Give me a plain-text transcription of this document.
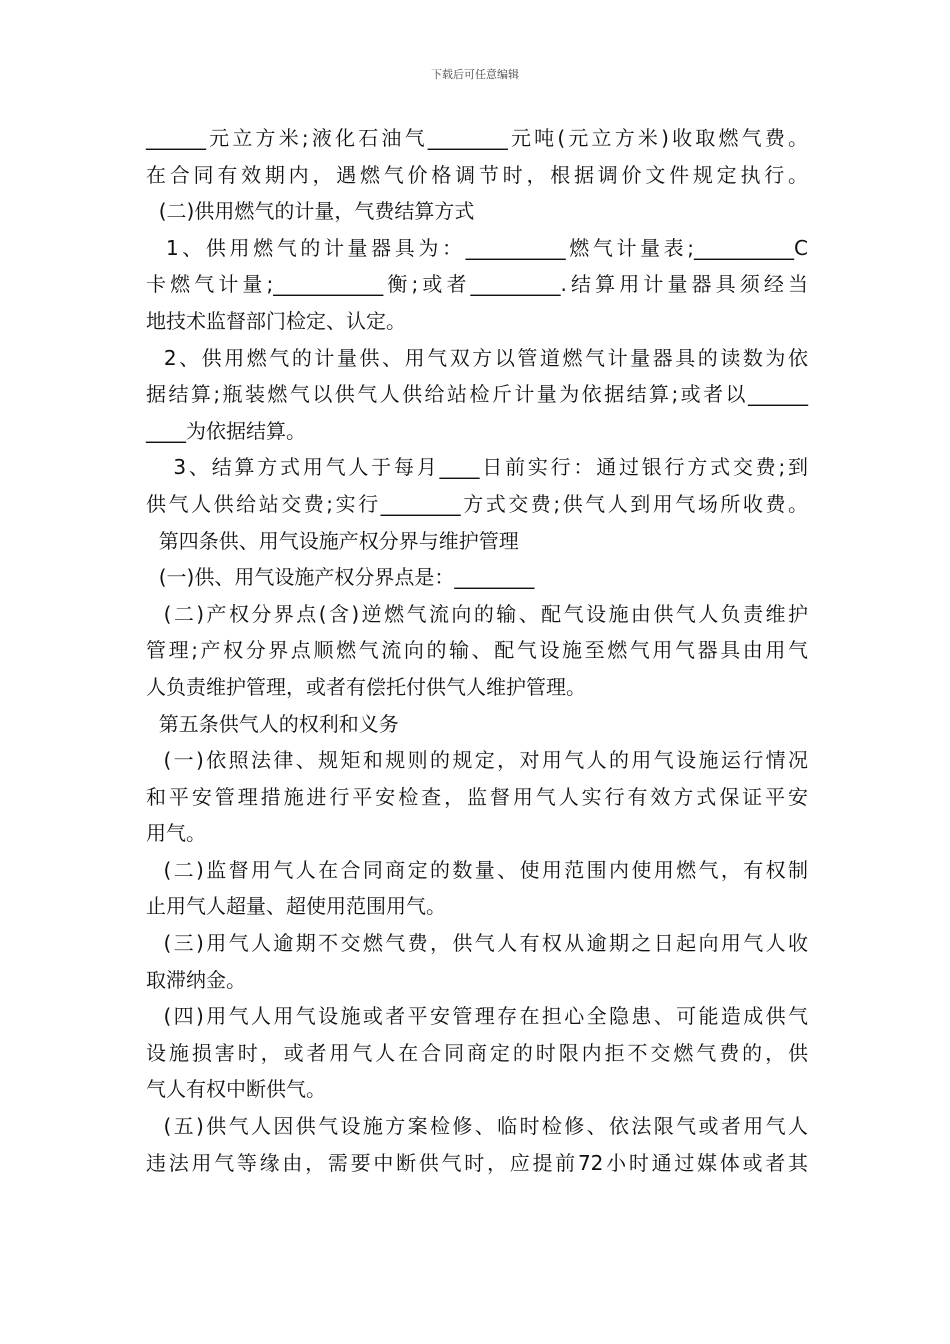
下载后可任意编辑
______元立方米;液化石油气________元吨(元立方米)收取燃气费。
在合同有效期内，遇燃气价格调节时，根据调价文件规定执行。
(二)供用燃气的计量，气费结算方式
1、供用燃气的计量器具为：__________燃气计量表;__________C
卡燃气计量;___________衡;或者_________.结算用计量器具须经当
地技术监督部门检定、认定。
2、供用燃气的计量供、用气双方以管道燃气计量器具的读数为依
据结算;瓶装燃气以供气人供给站检斤计量为依据结算;或者以______
____为依据结算。
3、结算方式用气人于每月____日前实行：通过银行方式交费;到
供气人供给站交费;实行________方式交费;供气人到用气场所收费。
第四条供、用气设施产权分界与维护管理
(一)供、用气设施产权分界点是：________
(二)产权分界点(含)逆燃气流向的输、配气设施由供气人负责维护
管理;产权分界点顺燃气流向的输、配气设施至燃气用气器具由用气
人负责维护管理，或者有偿托付供气人维护管理。
第五条供气人的权利和义务
(一)依照法律、规矩和规则的规定，对用气人的用气设施运行情况
和平安管理措施进行平安检查，监督用气人实行有效方式保证平安
用气。
(二)监督用气人在合同商定的数量、使用范围内使用燃气，有权制
止用气人超量、超使用范围用气。
(三)用气人逾期不交燃气费，供气人有权从逾期之日起向用气人收
取滞纳金。
(四)用气人用气设施或者平安管理存在担心全隐患、可能造成供气
设施损害时，或者用气人在合同商定的时限内拒不交燃气费的，供
气人有权中断供气。
(五)供气人因供气设施方案检修、临时检修、依法限气或者用气人
违法用气等缘由，需要中断供气时，应提前72小时通过媒体或者其
